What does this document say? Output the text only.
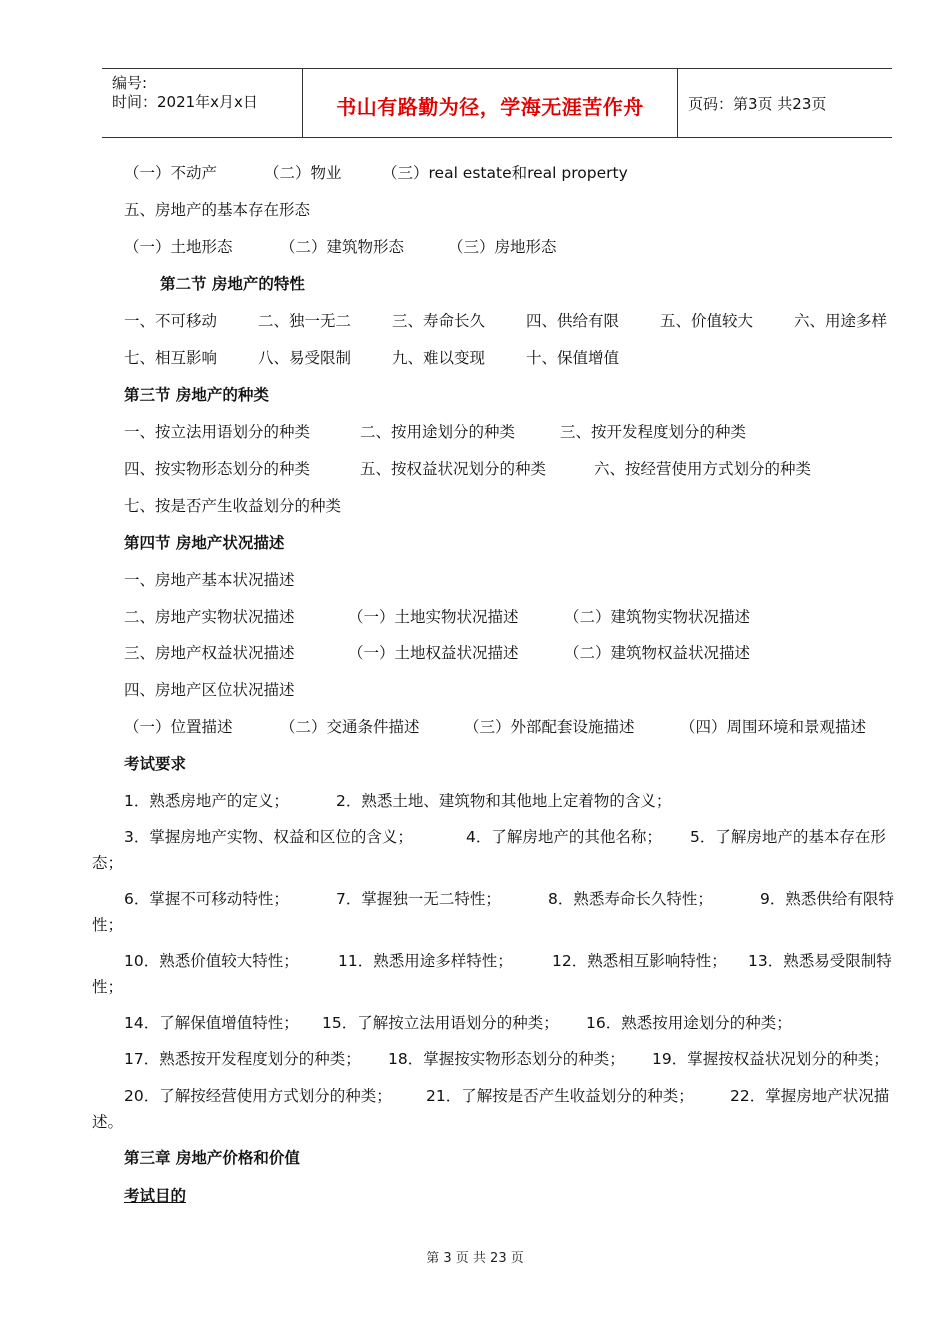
编号:
时间：2021年x月x日	书山有路勤为径，学海无涯苦作舟	页码：第3页 共23页
（一）不动产	（二）物业	（三）real estate和real property
五、房地产的基本存在形态
（一）土地形态	（二）建筑物形态	（三）房地形态
第二节 房地产的特性
一、不可移动	二、独一无二	三、寿命长久	四、供给有限	五、价值较大	六、用途多样
七、相互影响	八、易受限制	九、难以变现	十、保值增值
第三节 房地产的种类
一、按立法用语划分的种类	二、按用途划分的种类	三、按开发程度划分的种类
四、按实物形态划分的种类	五、按权益状况划分的种类	六、按经营使用方式划分的种类
七、按是否产生收益划分的种类
第四节 房地产状况描述
一、房地产基本状况描述
二、房地产实物状况描述	（一）土地实物状况描述	（二）建筑物实物状况描述
三、房地产权益状况描述	（一）土地权益状况描述	（二）建筑物权益状况描述
四、房地产区位状况描述
（一）位置描述	（二）交通条件描述	（三）外部配套设施描述	（四）周围环境和景观描述
考试要求
1．熟悉房地产的定义；	2．熟悉土地、建筑物和其他地上定着物的含义；
3．掌握房地产实物、权益和区位的含义；	4．了解房地产的其他名称； 5．了解房地产的基本存在形
态；
6．掌握不可移动特性；	7．掌握独一无二特性；	8．熟悉寿命长久特性；	9．熟悉供给有限特
性；
10．熟悉价值较大特性；	11．熟悉用途多样特性；	12．熟悉相互影响特性； 13．熟悉易受限制特
性；
14．了解保值增值特性； 15．了解按立法用语划分的种类； 16．熟悉按用途划分的种类；
17．熟悉按开发程度划分的种类； 18．掌握按实物形态划分的种类； 19．掌握按权益状况划分的种类；
20．了解按经营使用方式划分的种类； 21．了解按是否产生收益划分的种类； 22．掌握房地产状况描
述。
第三章 房地产价格和价值
考试目的
第 3 页 共 23 页
